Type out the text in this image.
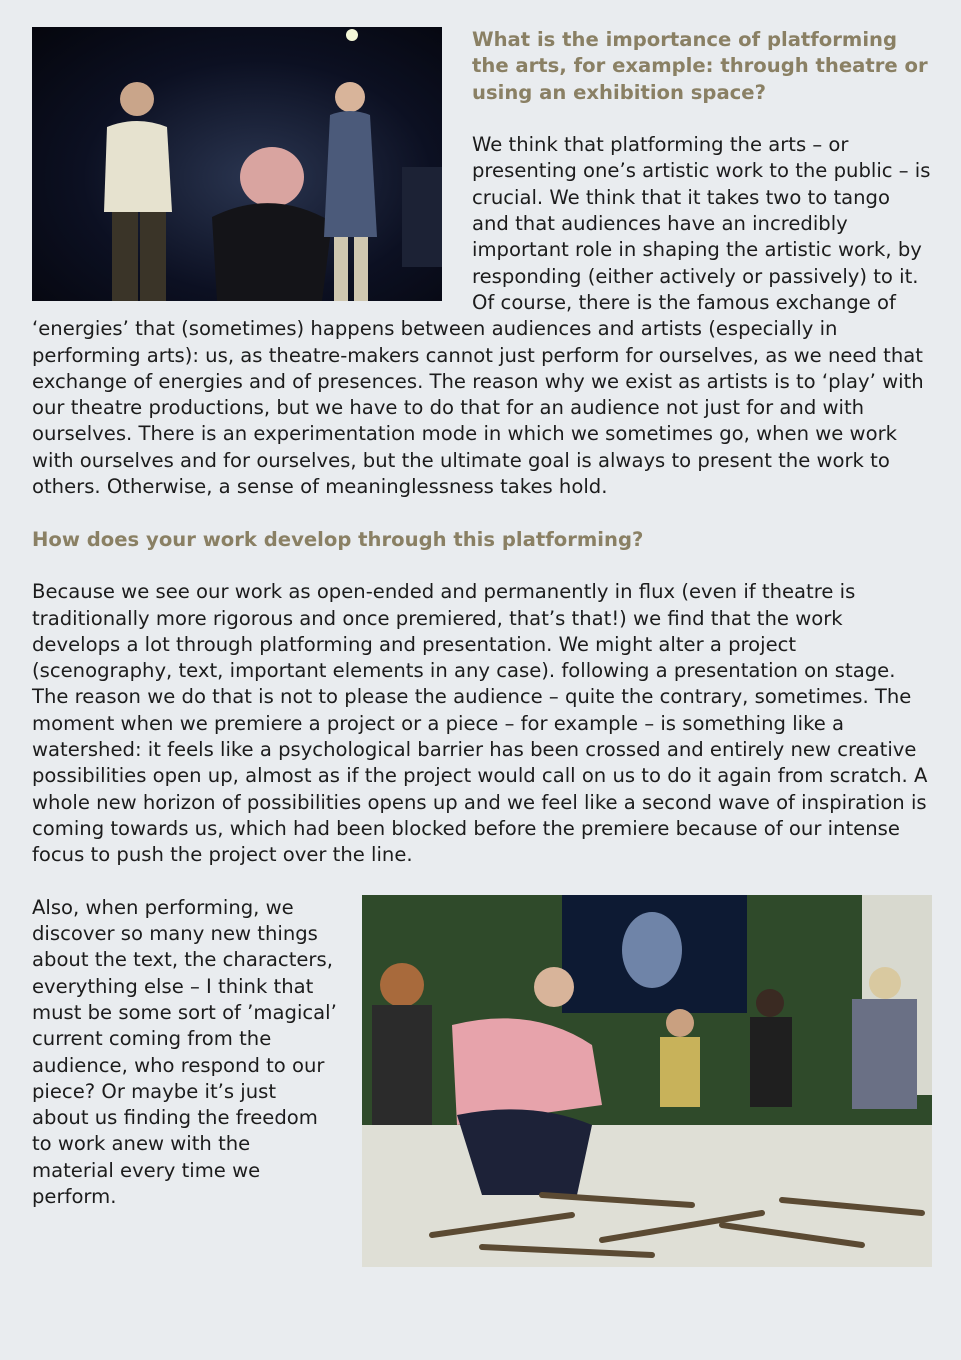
What is the importance of platforming the arts, for example: through theatre or using an exhibition space?

We think that platforming the arts – or presenting one’s artistic work to the public – is crucial. We think that it takes two to tango and that audiences have an incredibly important role in shaping the artistic work, by responding (either actively or passively) to it. Of course, there is the famous exchange of ‘energies’ that (sometimes) happens between audiences and artists (especially in performing arts): us, as theatre-makers cannot just perform for ourselves, as we need that exchange of energies and of presences. The reason why we exist as artists is to ‘play’ with our theatre productions, but we have to do that for an audience not just for and with ourselves. There is an experimentation mode in which we sometimes go, when we work with ourselves and for ourselves, but the ultimate goal is always to present the work to others. Otherwise, a sense of meaninglessness takes hold.

How does your work develop through this platforming?

Because we see our work as open-ended and permanently in flux (even if theatre is traditionally more rigorous and once premiered, that’s that!) we find that the work develops a lot through platforming and presentation. We might alter a project (scenography, text, important elements in any case). following a presentation on stage. The reason we do that is not to please the audience – quite the contrary, sometimes. The moment when we premiere a project or a piece – for example – is something like a watershed: it feels like a psychological barrier has been crossed and entirely new creative possibilities open up, almost as if the project would call on us to do it again from scratch. A whole new horizon of possibilities opens up and we feel like a second wave of inspiration is coming towards us, which had been blocked before the premiere because of our intense focus to push the project over the line.

Also, when performing, we discover so many new things about the text, the characters, everything else – I think that must be some sort of ’magical’ current coming from the audience, who respond to our piece? Or maybe it’s just about us finding the freedom to work anew with the material every time we perform.
